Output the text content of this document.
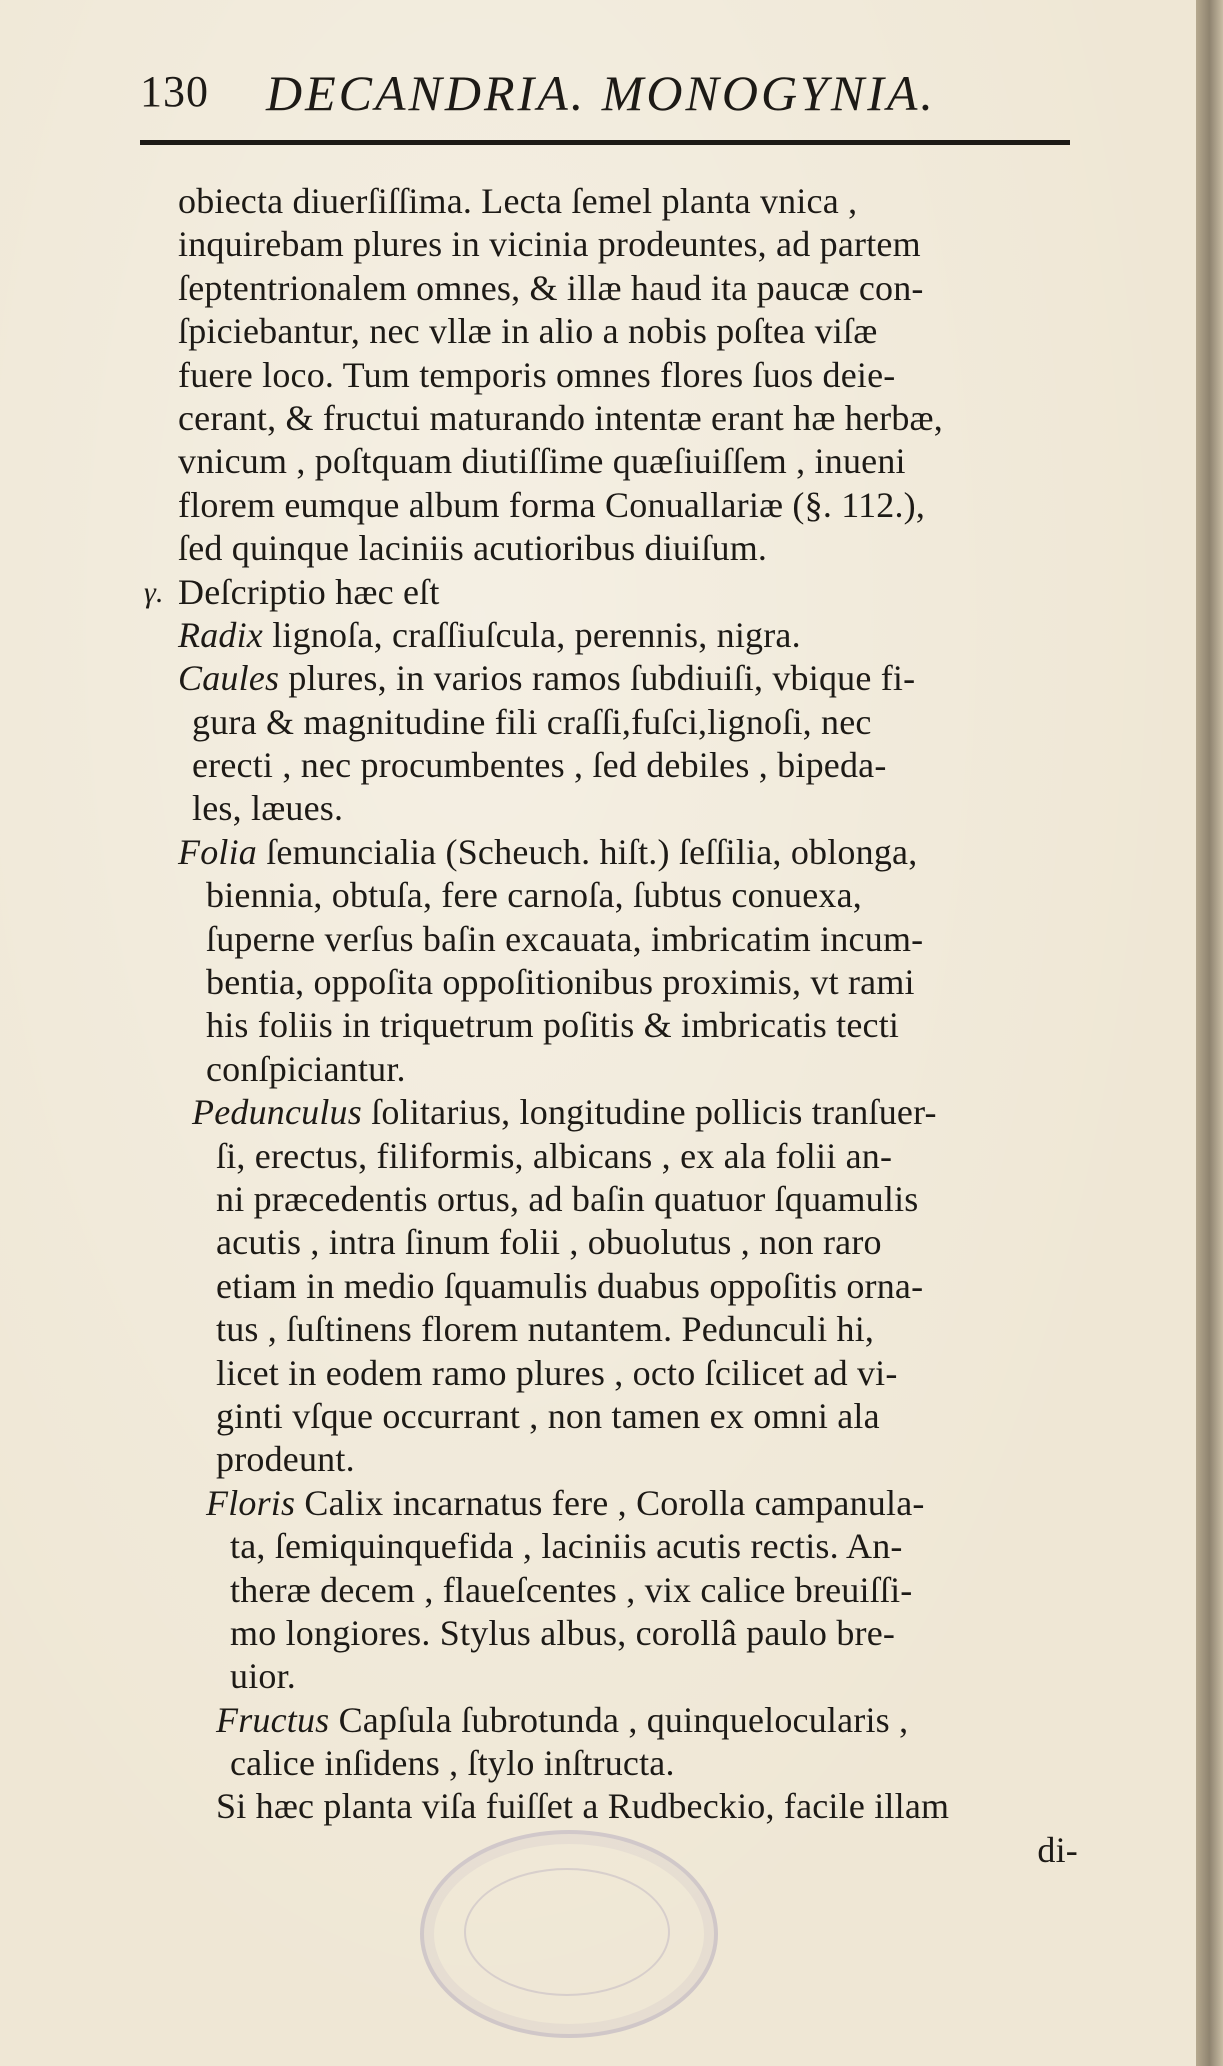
130 DECANDRIA. MONOGYNIA.
obiecta diuerſiſſima. Lecta ſemel planta vnica ,
inquirebam plures in vicinia prodeuntes, ad partem
ſeptentrionalem omnes, & illæ haud ita paucæ con-
ſpiciebantur, nec vllæ in alio a nobis poſtea viſæ
fuere loco. Tum temporis omnes flores ſuos deie-
cerant, & fructui maturando intentæ erant hæ herbæ,
vnicum , poſtquam diutiſſime quæſiuiſſem , inueni
florem eumque album forma Conuallariæ (§. 112.),
ſed quinque laciniis acutioribus diuiſum.
γ. Deſcriptio hæc eſt
Radix lignoſa, craſſiuſcula, perennis, nigra.
Caules plures, in varios ramos ſubdiuiſi, vbique fi-
gura & magnitudine fili craſſi,fuſci,lignoſi, nec
erecti , nec procumbentes , ſed debiles , bipeda-
les, læues.
Folia ſemuncialia (Scheuch. hiſt.) ſeſſilia, oblonga,
biennia, obtuſa, fere carnoſa, ſubtus conuexa,
ſuperne verſus baſin excauata, imbricatim incum-
bentia, oppoſita oppoſitionibus proximis, vt rami
his foliis in triquetrum poſitis & imbricatis tecti
conſpiciantur.
Pedunculus ſolitarius, longitudine pollicis tranſuer-
ſi, erectus, filiformis, albicans , ex ala folii an-
ni præcedentis ortus, ad baſin quatuor ſquamulis
acutis , intra ſinum folii , obuolutus , non raro
etiam in medio ſquamulis duabus oppoſitis orna-
tus , ſuſtinens florem nutantem. Pedunculi hi,
licet in eodem ramo plures , octo ſcilicet ad vi-
ginti vſque occurrant , non tamen ex omni ala
prodeunt.
Floris Calix incarnatus fere , Corolla campanula-
ta, ſemiquinquefida , laciniis acutis rectis. An-
theræ decem , flaueſcentes , vix calice breuiſſi-
mo longiores. Stylus albus, corollâ paulo bre-
uior.
Fructus Capſula ſubrotunda , quinquelocularis ,
calice inſidens , ſtylo inſtructa.
Si hæc planta viſa fuiſſet a Rudbeckio, facile illam
di-
